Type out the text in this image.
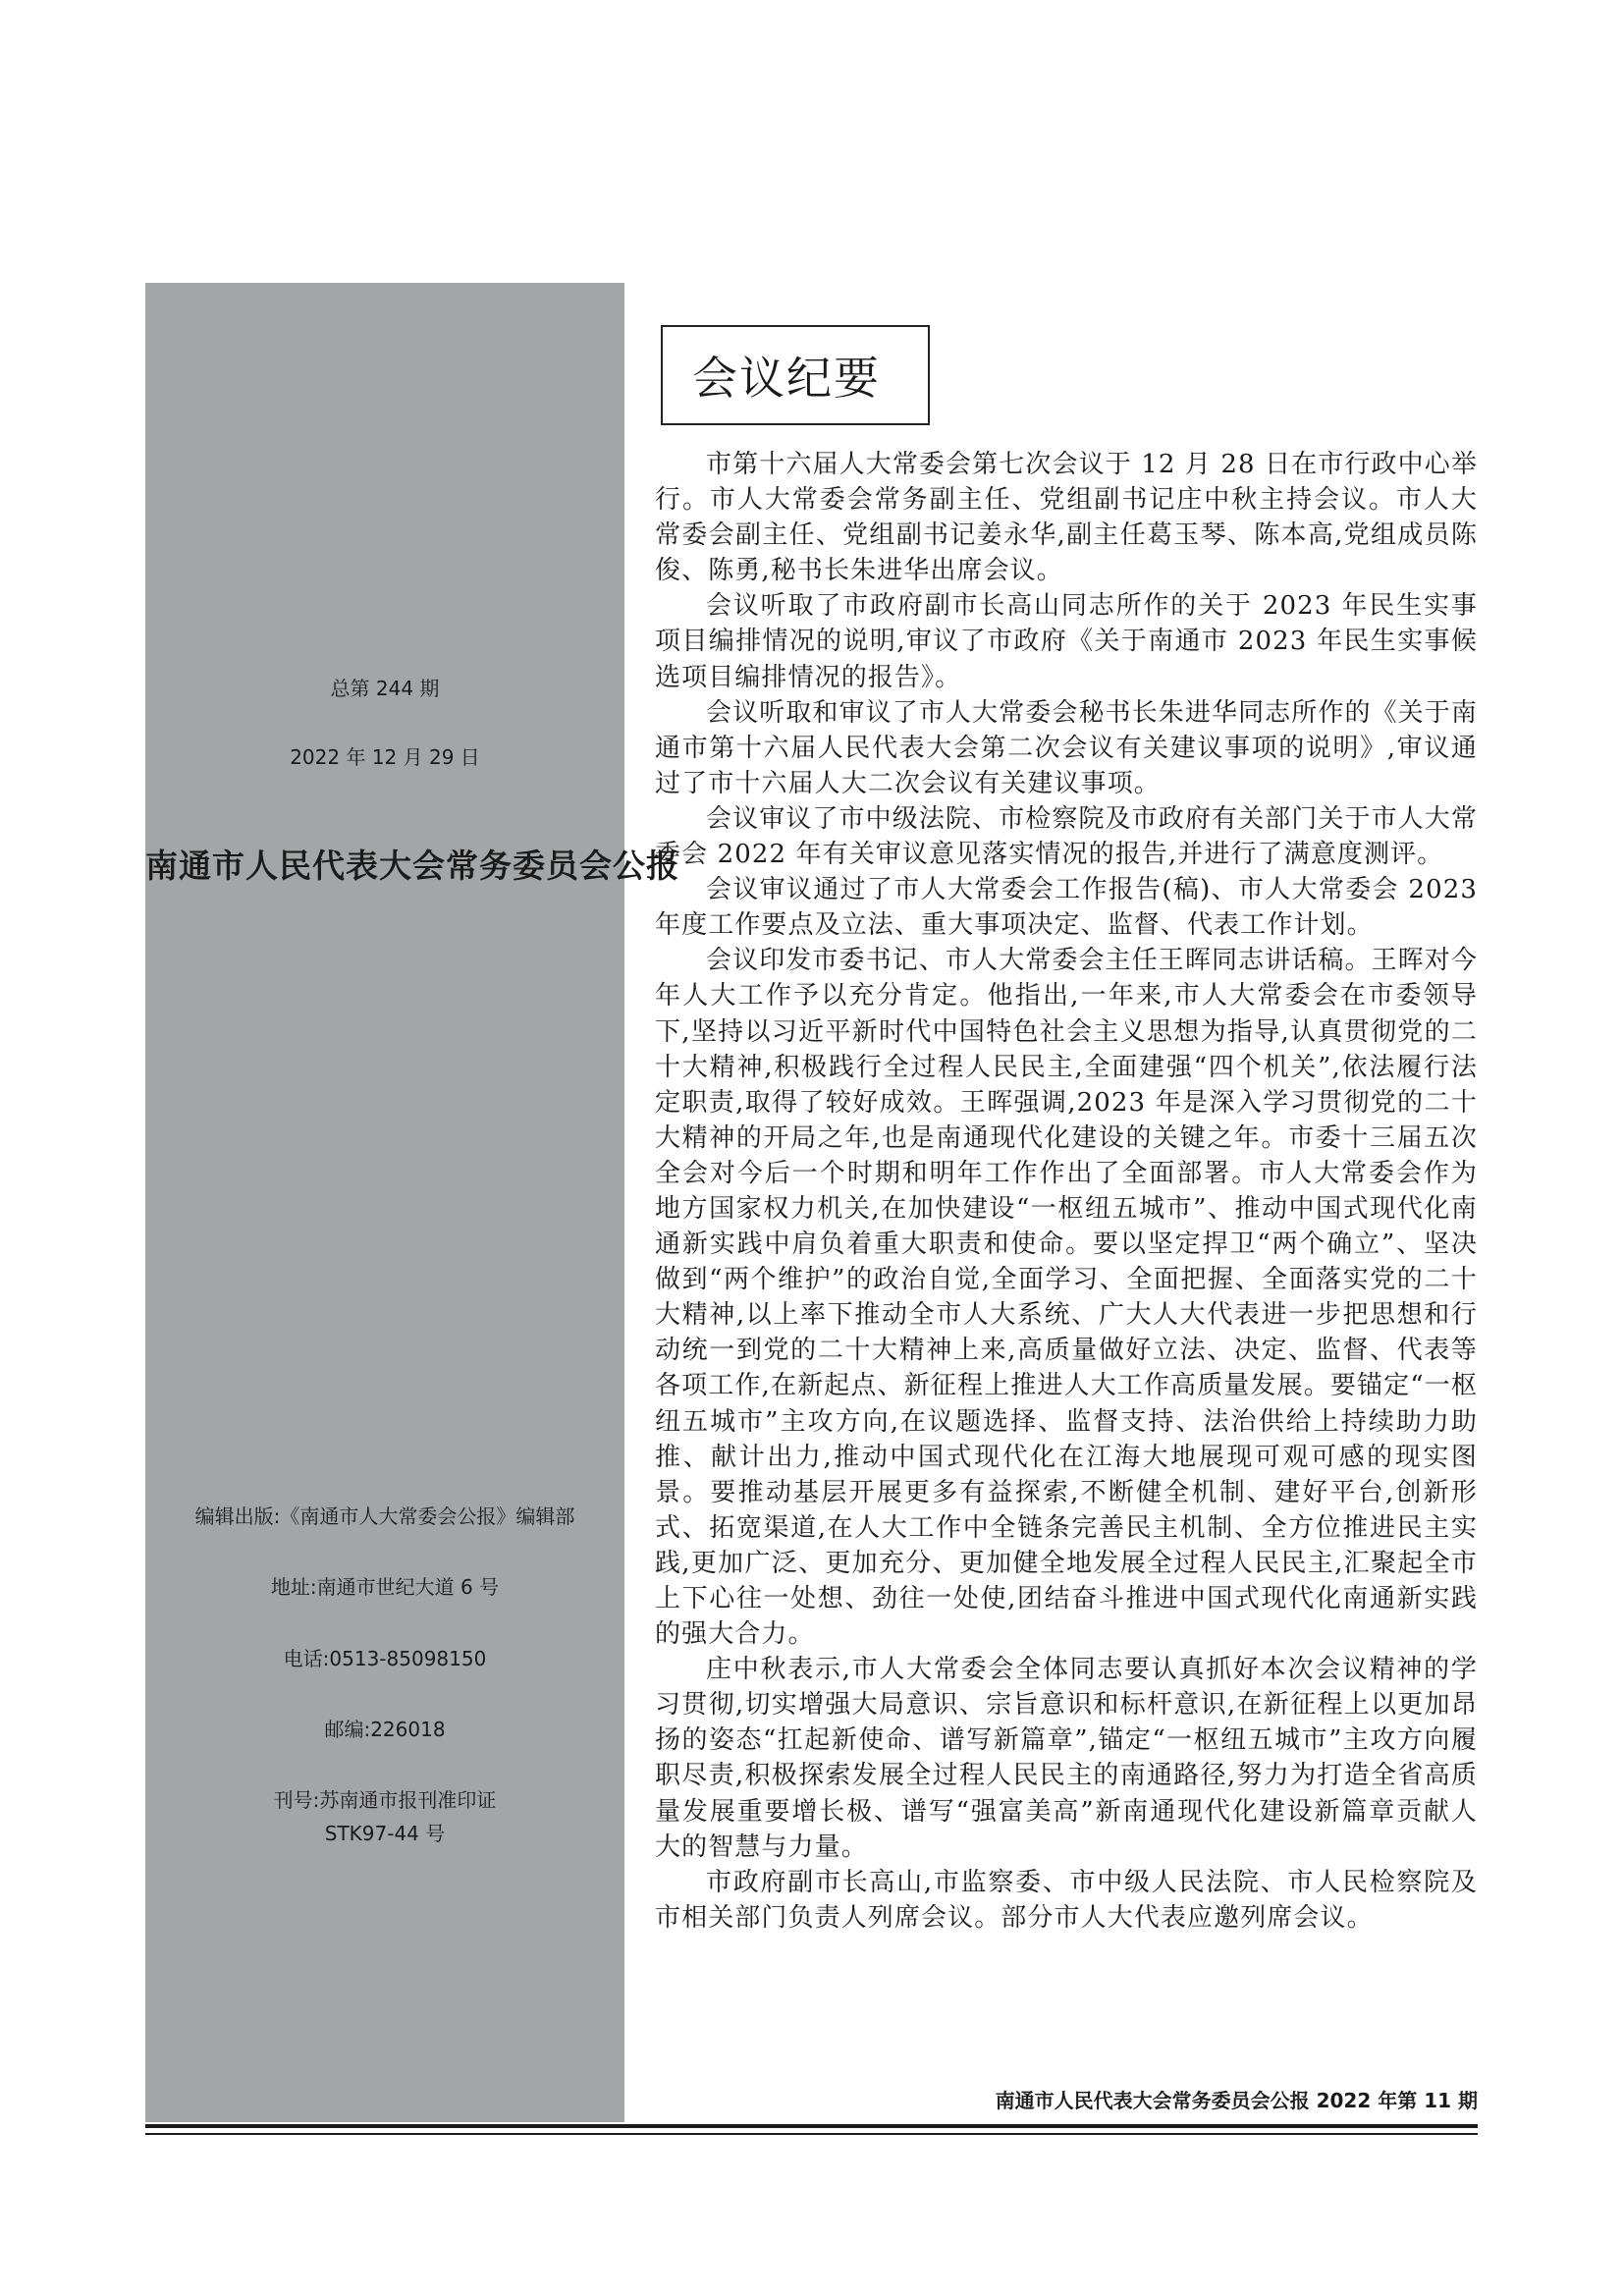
南通市人民代表大会常务委员会公报
总第 244 期
2022 年 12 月 29 日
编辑出版:《南通市人大常委会公报》编辑部
地址:南通市世纪大道 6 号
电话:0513-85098150
邮编:226018
刊号:苏南通市报刊准印证
STK97-44 号
会议纪要

市第十六届人大常委会第七次会议于 12 月 28 日在市行政中心举行。市人大常委会常务副主任、党组副书记庄中秋主持会议。市人大常委会副主任、党组副书记姜永华,副主任葛玉琴、陈本高,党组成员陈俊、陈勇,秘书长朱进华出席会议。

会议听取了市政府副市长高山同志所作的关于 2023 年民生实事项目编排情况的说明,审议了市政府《关于南通市 2023 年民生实事候选项目编排情况的报告》。

会议听取和审议了市人大常委会秘书长朱进华同志所作的《关于南通市第十六届人民代表大会第二次会议有关建议事项的说明》,审议通过了市十六届人大二次会议有关建议事项。

会议审议了市中级法院、市检察院及市政府有关部门关于市人大常委会 2022 年有关审议意见落实情况的报告,并进行了满意度测评。

会议审议通过了市人大常委会工作报告(稿)、市人大常委会 2023 年度工作要点及立法、重大事项决定、监督、代表工作计划。

会议印发市委书记、市人大常委会主任王晖同志讲话稿。王晖对今年人大工作予以充分肯定。他指出,一年来,市人大常委会在市委领导下,坚持以习近平新时代中国特色社会主义思想为指导,认真贯彻党的二十大精神,积极践行全过程人民民主,全面建强“四个机关”,依法履行法定职责,取得了较好成效。王晖强调,2023 年是深入学习贯彻党的二十大精神的开局之年,也是南通现代化建设的关键之年。市委十三届五次全会对今后一个时期和明年工作作出了全面部署。市人大常委会作为地方国家权力机关,在加快建设“一枢纽五城市”、推动中国式现代化南通新实践中肩负着重大职责和使命。要以坚定捍卫“两个确立”、坚决做到“两个维护”的政治自觉,全面学习、全面把握、全面落实党的二十大精神,以上率下推动全市人大系统、广大人大代表进一步把思想和行动统一到党的二十大精神上来,高质量做好立法、决定、监督、代表等各项工作,在新起点、新征程上推进人大工作高质量发展。要锚定“一枢纽五城市”主攻方向,在议题选择、监督支持、法治供给上持续助力助推、献计出力,推动中国式现代化在江海大地展现可观可感的现实图景。要推动基层开展更多有益探索,不断健全机制、建好平台,创新形式、拓宽渠道,在人大工作中全链条完善民主机制、全方位推进民主实践,更加广泛、更加充分、更加健全地发展全过程人民民主,汇聚起全市上下心往一处想、劲往一处使,团结奋斗推进中国式现代化南通新实践的强大合力。

庄中秋表示,市人大常委会全体同志要认真抓好本次会议精神的学习贯彻,切实增强大局意识、宗旨意识和标杆意识,在新征程上以更加昂扬的姿态“扛起新使命、谱写新篇章”,锚定“一枢纽五城市”主攻方向履职尽责,积极探索发展全过程人民民主的南通路径,努力为打造全省高质量发展重要增长极、谱写“强富美高”新南通现代化建设新篇章贡献人大的智慧与力量。

市政府副市长高山,市监察委、市中级人民法院、市人民检察院及市相关部门负责人列席会议。部分市人大代表应邀列席会议。

南通市人民代表大会常务委员会公报 2022 年第 11 期
